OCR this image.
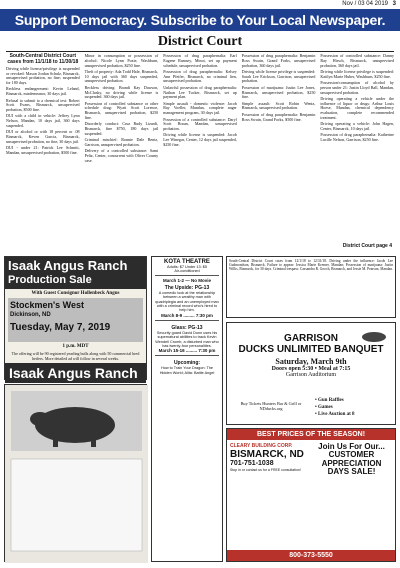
Nov / 03 04 2019 3
Support Democracy. Subscribe to Your Local Newspaper.
District Court
South-Central District Court cases from 11/1/18 to 11/30/18

Driving while license/privilege is suspended or revoked: Mason Jordan Schulz, Bismarck, unsupervised probation, no fine; suspended for 180 days.

Reckless endangerment: Kevin Leland, Bismarck, misdemeanor, 30 days jail.

Refusal to submit to a chemical test: Robert Scott Evans, Bismarck, unsupervised probation, $500 fine.

DUI with a child in vehicle: Jeffrey Lynn Nelson, Mandan, 10 days jail, 360 days suspended.

DUI or alcohol or with 18 percent or .08 Bismarck, Keven Garcia, Bismarck, unsupervised probation, no fine, 30 days jail.

DUI - under 21: Patrick Lee Schmitt, Mandan, unsupervised probation, $500 fine.

Minor in consumption or possession of alcohol: Nicole Lynn Pozie, Washburn, unsupervised probation, $250 fine.

Theft of property: Ada Todd Hale, Bismarck, 10 days jail with 360 days suspended, unsupervised probation.

Reckless driving: Brandi Kay Dawson, McClusky, no driving while license is suspended. 360 days jail.

Possession of controlled substance or other schedule drug: Wyatt Scott Lorence, Bismarck, unsupervised probation, $250 fine.

Disorderly conduct: Cruz Rudy Lizardi, Bismarck, fine $750, 180 days jail suspended.

Criminal mischief: Ronnie Dale Bentz, Garrison, unsupervised probation.

Delivery of a controlled substance: Sami Peltz, Center, concurrent with Oliver County case.

Possession of drug paraphernalia: Earl Eugene Ramsey, Minot, set up payment schedule, unsupervised probation.

Possession of drug paraphernalia: Kelsey Ann Pfeifer, Bismarck, no criminal lien, unsupervised probation.

Unlawful possession of drug paraphernalia: Nathan Lee Tucker, Bismarck, set up payment plan.

Simple assault - domestic violence: Jacob Ray Voeller, Mandan, complete anger management program, 30 days jail.

Possession of a controlled substance: Daryl Scott Braun, Mandan, unsupervised probation.

Driving while license is suspended: Jacob Lee Winegar, Center, 12 days jail suspended, $250 fine.

Possession of drug paraphernalia: Benjamin Ross Swain, Grand Forks, unsupervised probation, 360 days jail.

Driving while license privilege is suspended: Sarah Lee Erickson, Garrison, unsupervised probation.

Possession of marijuana: Justin Lee Jones, Bismarck, unsupervised probation, $250 fine.

Simple assault: Scott Robin Wentz, Bismarck, unsupervised probation.

Possession of drug paraphernalia: Benjamin Ross Swain, Grand Forks, $500 fine.

Possession of controlled substance: Danny Ray Hirsch, Bismarck, unsupervised probation, 360 days jail.

Driving while license privilege is suspended: Kaitlyn Marie Huber, Washburn, $250 fine.

Possession/consumption of alcohol by person under 21: Justin Lloyd Ball, Mandan, unsupervised probation.

Driving operating a vehicle under the influence of liquor or drugs: Arthur Louis Hoese, Mandan, chemical dependency evaluation, complete recommended treatment.

Driving operating a vehicle: John Hagen, Center, Bismarck, 10 days jail.

Possession of drug paraphernalia: Katherine Lucille Nelson, Garrison, $250 fine.

District Court page 4
Isaak Angus Ranch
Production Sale
With Guest Consignor Hollenbeck Angus
Stockmen's West
Dickinson, ND
Tuesday, May 7, 2019
1 p.m. MDT
The offering will be 90 registered yearling bulls along with 50 commercial bred heifers. More detailed ad will follow in several weeks.
Isaak Angus Ranch
KOTA THEATRE
Adults: $7 Under 13: $5
Air-conditioned
March 1-2 — No Movie
The Upside: PG-13
A comedic look at the relationship between a wealthy man with quadriplegia and an unemployed man with a criminal record who's hired to help him.
March 8-9 ......... 7:30 pm
Glass: PG-13
Security guard David Dunn uses his supernatural abilities to track Kevin Wendell Crumb, a disturbed man who has twenty-four personalities.
March 15-16 ......... 7:30 pm
Upcoming:
How to Train Your Dragon: The Hidden World; Alita: Battle Angel
South-Central District Court cases from 12/1/18 to 12/31/18. Driving under the influence: Jacob Lee Gudmondson, Bismarck. Failure to appear: Jessica Marie Kremer, Mandan; Possession of marijuana: Justin Willis, Bismarck, for 30 days. Criminal trespass: Cassandra R. Gooch, Bismarck, and Jessie M. Pearson, Mandan.
GARRISON
DUCKS UNLIMITED BANQUET
Saturday, March 9th
Doors open 5:30 • Meal at 7:15
Garrison Auditorium
Buy Tickets Hunters Bar & Grill or NDducks.org
• Gun Raffles
• Games
• Live Auction at 8
BEST PRICES OF THE SEASON!
CLEARY BUILDING CORP.
BISMARCK, ND
701-751-1038
Stop in or contact us for a FREE consultation!
Join Us For Our... CUSTOMER APPRECIATION DAYS SALE!
800-373-5550
